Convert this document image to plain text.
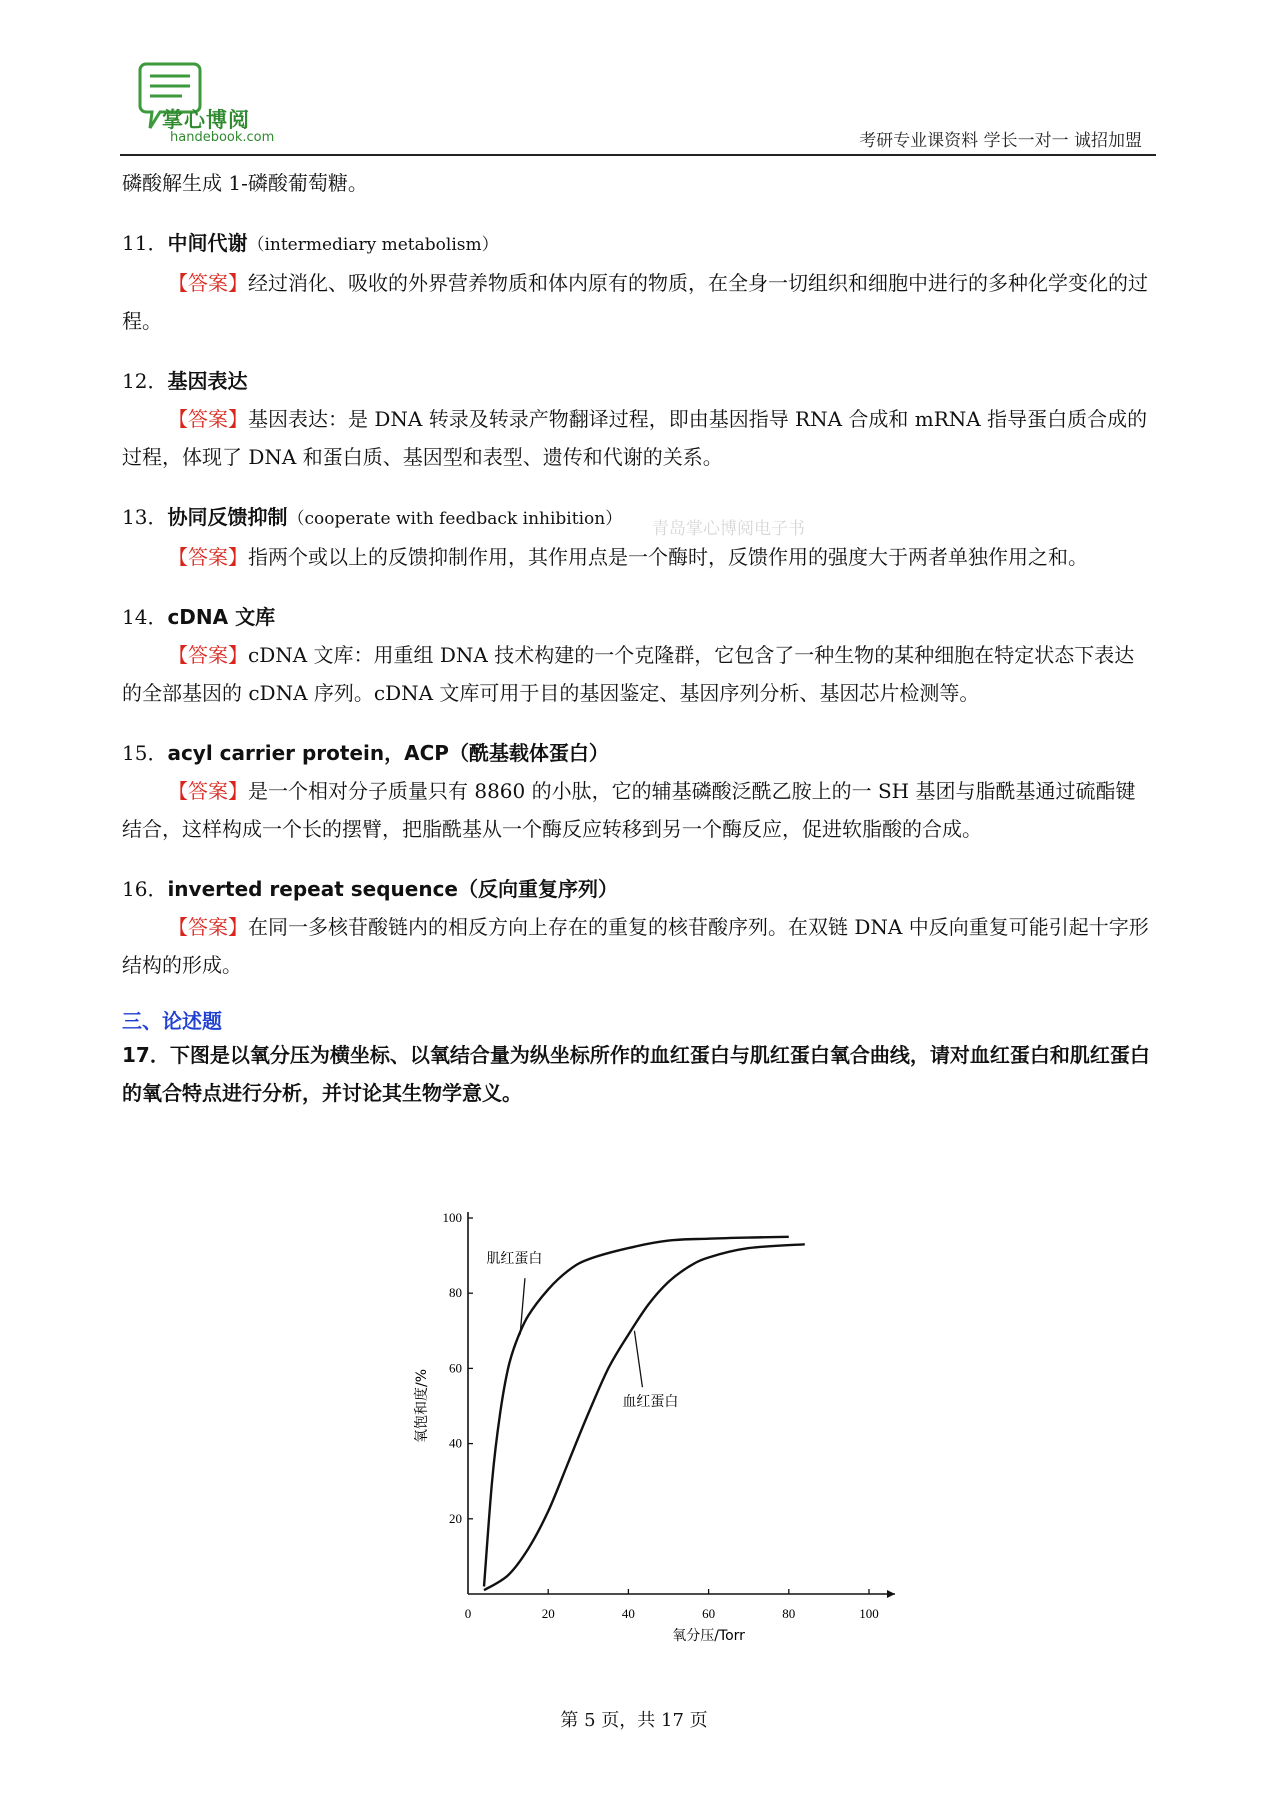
掌心博阅
handebook.com	考研专业课资料 学长一对一 诚招加盟

磷酸解生成 1-磷酸葡萄糖。

11．中间代谢（intermediary metabolism）

【答案】经过消化、吸收的外界营养物质和体内原有的物质，在全身一切组织和细胞中进行的多种化学变化的过程。

12．基因表达

【答案】基因表达：是 DNA 转录及转录产物翻译过程，即由基因指导 RNA 合成和 mRNA 指导蛋白质合成的过程，体现了 DNA 和蛋白质、基因型和表型、遗传和代谢的关系。

13．协同反馈抑制（cooperate with feedback inhibition）

【答案】指两个或以上的反馈抑制作用，其作用点是一个酶时，反馈作用的强度大于两者单独作用之和。

14．cDNA 文库

【答案】cDNA 文库：用重组 DNA 技术构建的一个克隆群，它包含了一种生物的某种细胞在特定状态下表达的全部基因的 cDNA 序列。cDNA 文库可用于目的基因鉴定、基因序列分析、基因芯片检测等。

15．acyl carrier protein，ACP（酰基载体蛋白）

【答案】是一个相对分子质量只有 8860 的小肽，它的辅基磷酸泛酰乙胺上的一 SH 基团与脂酰基通过硫酯键结合，这样构成一个长的摆臂，把脂酰基从一个酶反应转移到另一个酶反应，促进软脂酸的合成。

16．inverted repeat sequence（反向重复序列）

【答案】在同一多核苷酸链内的相反方向上存在的重复的核苷酸序列。在双链 DNA 中反向重复可能引起十字形结构的形成。

三、论述题

17．下图是以氧分压为横坐标、以氧结合量为纵坐标所作的血红蛋白与肌红蛋白氧合曲线，请对血红蛋白和肌红蛋白的氧合特点进行分析，并讨论其生物学意义。

青岛掌心博阅电子书
0	20	40	60	80	100
20
40
60
80
100
氧分压/Torr
氧饱和度/%
肌红蛋白
血红蛋白
第 5 页，共 17 页
